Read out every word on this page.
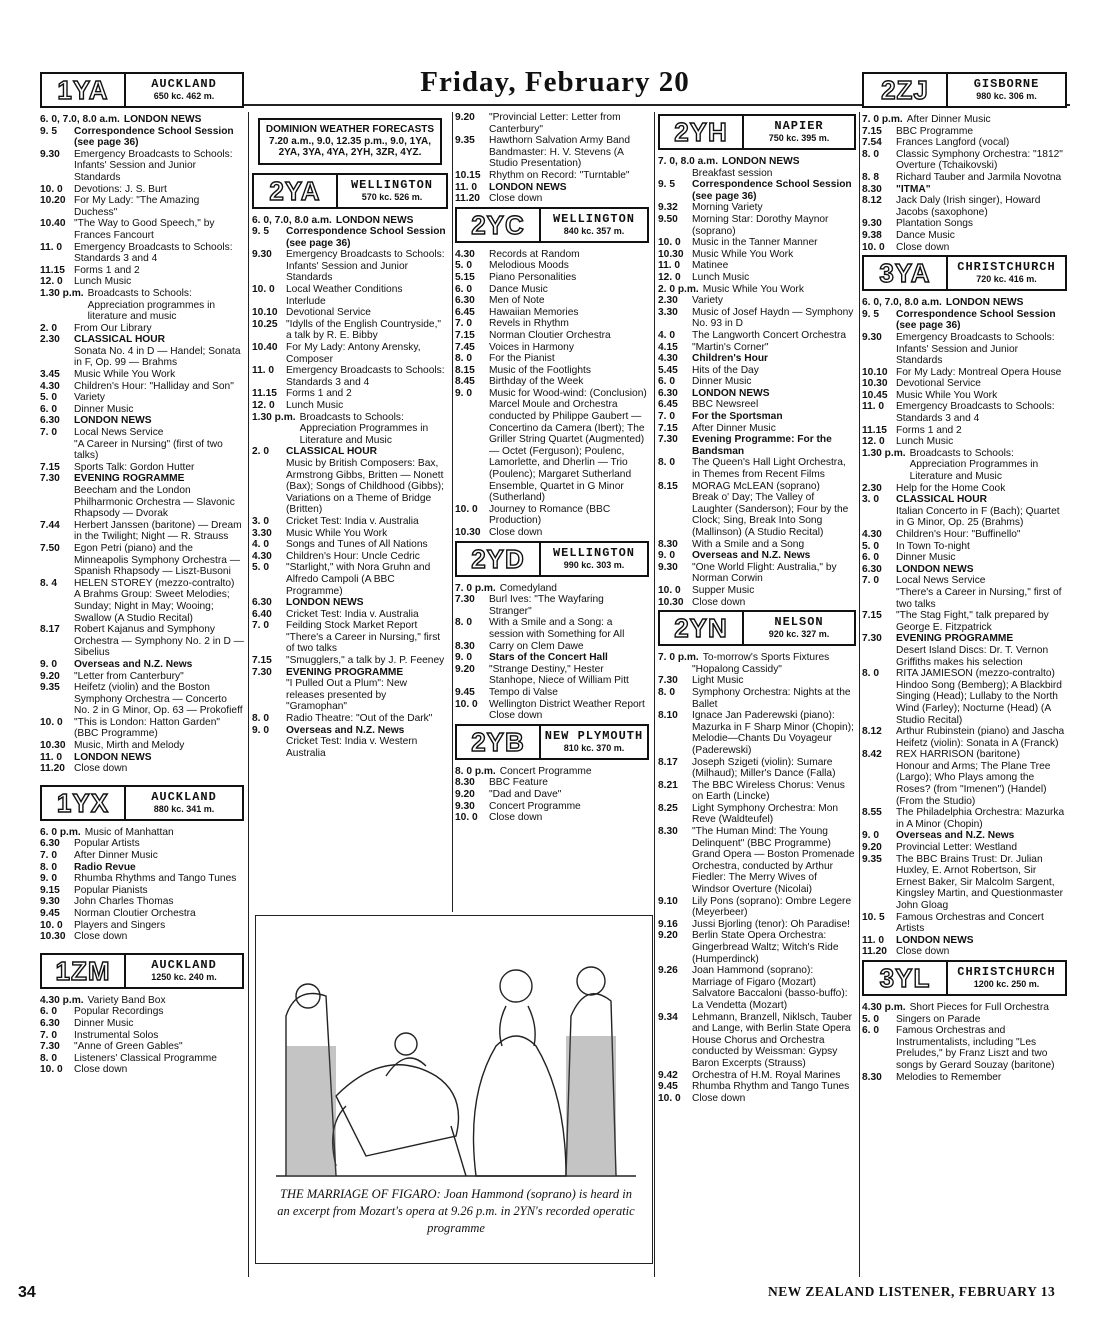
Friday, February 20
1YA	AUCKLAND
650 kc. 462 m.
6. 0, 7.0, 8.0 a.m. LONDON NEWS
9. 5	Correspondence School Session (see page 36)
9.30	Emergency Broadcasts to Schools: Infants' Session and Junior Standards
10. 0	Devotions: J. S. Burt
10.20 For My Lady: "The Amazing Duchess"
10.40 "The Way to Good Speech," by Frances Fancourt
11. 0	Emergency Broadcasts to Schools: Standards 3 and 4
11.15 Forms 1 and 2
12. 0	Lunch Music
1.30 p.m. Broadcasts to Schools: Appreciation programmes in literature and music
2. 0	From Our Library
2.30	CLASSICAL HOUR
Sonata No. 4 in D — Handel; Sonata in F, Op. 99 — Brahms
3.45	Music While You Work
4.30	Children's Hour: "Halliday and Son"
5. 0	Variety
6. 0	Dinner Music
6.30	LONDON NEWS
7. 0	Local News Service
"A Career in Nursing" (first of two talks)
7.15	Sports Talk: Gordon Hutter
7.30	EVENING ROGRAMME
Beecham and the London Philharmonic Orchestra — Slavonic Rhapsody — Dvorak
7.44	Herbert Janssen (baritone) — Dream in the Twilight; Night — R. Strauss
7.50	Egon Petri (piano) and the Minneapolis Symphony Orchestra — Spanish Rhapsody — Liszt-Busoni
8. 4	HELEN STOREY (mezzo-contralto)
A Brahms Group: Sweet Melodies; Sunday; Night in May; Wooing; Swallow (A Studio Recital)
8.17	Robert Kajanus and Symphony Orchestra — Symphony No. 2 in D — Sibelius
9. 0	Overseas and N.Z. News
9.20	"Letter from Canterbury"
9.35	Heifetz (violin) and the Boston Symphony Orchestra — Concerto No. 2 in G Minor, Op. 63 — Prokofieff
10. 0	"This is London: Hatton Garden" (BBC Programme)
10.30 Music, Mirth and Melody
11. 0	LONDON NEWS
11.20 Close down
1YX	AUCKLAND
880 kc. 341 m.
6. 0 p.m. Music of Manhattan
6.30	Popular Artists
7. 0	After Dinner Music
8. 0	Radio Revue
9. 0	Rhumba Rhythms and Tango Tunes
9.15	Popular Pianists
9.30	John Charles Thomas
9.45	Norman Cloutier Orchestra
10. 0	Players and Singers
10.30 Close down
1ZM	AUCKLAND
1250 kc. 240 m.
4.30 p.m. Variety Band Box
6. 0	Popular Recordings
6.30	Dinner Music
7. 0	Instrumental Solos
7.30	"Anne of Green Gables"
8. 0	Listeners' Classical Programme
10. 0	Close down
DOMINION WEATHER FORECASTS
7.20 a.m., 9.0, 12.35 p.m., 9.0, 1YA, 2YA, 3YA, 4YA, 2YH, 3ZR, 4YZ.
2YA	WELLINGTON
570 kc. 526 m.
6. 0, 7.0, 8.0 a.m. LONDON NEWS
9. 5	Correspondence School Session (see page 36)
9.30	Emergency Broadcasts to Schools: Infants' Session and Junior Standards
10. 0	Local Weather Conditions
Interlude
10.10 Devotional Service
10.25 "Idylls of the English Countryside," a talk by R. E. Bibby
10.40 For My Lady: Antony Arensky, Composer
11. 0	Emergency Broadcasts to Schools: Standards 3 and 4
11.15 Forms 1 and 2
12. 0	Lunch Music
1.30 p.m. Broadcasts to Schools: Appreciation Programmes in Literature and Music
2. 0	CLASSICAL HOUR
Music by British Composers: Bax, Armstrong Gibbs, Britten — Nonett (Bax); Songs of Childhood (Gibbs); Variations on a Theme of Bridge (Britten)
3. 0	Cricket Test: India v. Australia
3.30	Music While You Work
4. 0	Songs and Tunes of All Nations
4.30	Children's Hour: Uncle Cedric
5. 0	"Starlight," with Nora Gruhn and Alfredo Campoli (A BBC Programme)
6.30	LONDON NEWS
6.40	Cricket Test: India v. Australia
7. 0	Feilding Stock Market Report
"There's a Career in Nursing," first of two talks
7.15	"Smugglers," a talk by J. P. Feeney
7.30	EVENING PROGRAMME
"I Pulled Out a Plum": New releases presented by "Gramophan"
8. 0	Radio Theatre: "Out of the Dark"
9. 0	Overseas and N.Z. News
Cricket Test: India v. Western Australia
9.20	"Provincial Letter: Letter from Canterbury"
9.35	Hawthorn Salvation Army Band
Bandmaster: H. V. Stevens (A Studio Presentation)
10.15 Rhythm on Record: "Turntable"
11. 0	LONDON NEWS
11.20 Close down
2YC	WELLINGTON
840 kc. 357 m.
4.30	Records at Random
5. 0	Melodious Moods
5.15	Piano Personalities
6. 0	Dance Music
6.30	Men of Note
6.45	Hawaiian Memories
7. 0	Revels in Rhythm
7.15	Norman Cloutier Orchestra
7.45	Voices in Harmony
8. 0	For the Pianist
8.15	Music of the Footlights
8.45	Birthday of the Week
9. 0	Music for Wood-wind: (Conclusion)
Marcel Moule and Orchestra conducted by Philippe Gaubert — Concertino da Camera (Ibert); The Griller String Quartet (Augmented) — Octet (Ferguson); Poulenc, Lamorlette, and Dherlin — Trio (Poulenc); Margaret Sutherland Ensemble, Quartet in G Minor (Sutherland)
10. 0	Journey to Romance (BBC Production)
10.30 Close down
2YD	WELLINGTON
990 kc. 303 m.
7. 0 p.m. Comedyland
7.30	Burl Ives: "The Wayfaring Stranger"
8. 0	With a Smile and a Song: a session with Something for All
8.30	Carry on Clem Dawe
9. 0	Stars of the Concert Hall
9.20	"Strange Destiny," Hester Stanhope, Niece of William Pitt
9.45	Tempo di Valse
10. 0	Wellington District Weather Report
Close down
2YB	NEW PLYMOUTH
810 kc. 370 m.
8. 0 p.m. Concert Programme
8.30	BBC Feature
9.20	"Dad and Dave"
9.30	Concert Programme
10. 0	Close down
2YH	NAPIER
750 kc. 395 m.
7. 0, 8.0 a.m. LONDON NEWS
Breakfast session
9. 5	Correspondence School Session (see page 36)
9.32	Morning Variety
9.50	Morning Star: Dorothy Maynor (soprano)
10. 0	Music in the Tanner Manner
10.30 Music While You Work
11. 0	Matinee
12. 0	Lunch Music
2. 0 p.m. Music While You Work
2.30	Variety
3.30	Music of Josef Haydn — Symphony No. 93 in D
4. 0	The Langworth Concert Orchestra
4.15	"Martin's Corner"
4.30	Children's Hour
5.45	Hits of the Day
6. 0	Dinner Music
6.30	LONDON NEWS
6.45	BBC Newsreel
7. 0	For the Sportsman
7.15	After Dinner Music
7.30	Evening Programme: For the Bandsman
8. 0	The Queen's Hall Light Orchestra, in Themes from Recent Films
8.15	MORAG McLEAN (soprano)
Break o' Day; The Valley of Laughter (Sanderson); Four by the Clock; Sing, Break Into Song (Mallinson) (A Studio Recital)
8.30	With a Smile and a Song
9. 0	Overseas and N.Z. News
9.30	"One World Flight: Australia," by Norman Corwin
10. 0	Supper Music
10.30 Close down
2YN	NELSON
920 kc. 327 m.
7. 0 p.m. To-morrow's Sports Fixtures
"Hopalong Cassidy"
7.30	Light Music
8. 0	Symphony Orchestra: Nights at the Ballet
8.10	Ignace Jan Paderewski (piano): Mazurka in F Sharp Minor (Chopin); Melodie—Chants Du Voyageur (Paderewski)
8.17	Joseph Szigeti (violin): Sumare (Milhaud); Miller's Dance (Falla)
8.21	The BBC Wireless Chorus: Venus on Earth (Lincke)
8.25	Light Symphony Orchestra: Mon Reve (Waldteufel)
8.30	"The Human Mind: The Young Delinquent" (BBC Programme)
Grand Opera — Boston Promenade Orchestra, conducted by Arthur Fiedler: The Merry Wives of Windsor Overture (Nicolai)
9.10	Lily Pons (soprano): Ombre Legere (Meyerbeer)
9.16	Jussi Bjorling (tenor): Oh Paradise!
9.20	Berlin State Opera Orchestra: Gingerbread Waltz; Witch's Ride (Humperdinck)
9.26	Joan Hammond (soprano): Marriage of Figaro (Mozart)
Salvatore Baccaloni (basso-buffo): La Vendetta (Mozart)
9.34	Lehmann, Branzell, Niklsch, Tauber and Lange, with Berlin State Opera House Chorus and Orchestra conducted by Weissman: Gypsy Baron Excerpts (Strauss)
9.42	Orchestra of H.M. Royal Marines
9.45	Rhumba Rhythm and Tango Tunes
10. 0	Close down
2ZJ	GISBORNE
980 kc. 306 m.
7. 0 p.m. After Dinner Music
7.15	BBC Programme
7.54	Frances Langford (vocal)
8. 0	Classic Symphony Orchestra: "1812" Overture (Tchaikovski)
8. 8	Richard Tauber and Jarmila Novotna
8.30	"ITMA"
8.12	Jack Daly (Irish singer), Howard Jacobs (saxophone)
9.30	Plantation Songs
9.38	Dance Music
10. 0	Close down
3YA	CHRISTCHURCH
720 kc. 416 m.
6. 0, 7.0, 8.0 a.m. LONDON NEWS
9. 5	Correspondence School Session (see page 36)
9.30	Emergency Broadcasts to Schools: Infants' Session and Junior Standards
10.10 For My Lady: Montreal Opera House
10.30 Devotional Service
10.45 Music While You Work
11. 0	Emergency Broadcasts to Schools: Standards 3 and 4
11.15 Forms 1 and 2
12. 0	Lunch Music
1.30 p.m. Broadcasts to Schools: Appreciation Programmes in Literature and Music
2.30	Help for the Home Cook
3. 0	CLASSICAL HOUR
Italian Concerto in F (Bach); Quartet in G Minor, Op. 25 (Brahms)
4.30	Children's Hour: "Buffinello"
5. 0	In Town To-night
6. 0	Dinner Music
6.30	LONDON NEWS
7. 0	Local News Service
"There's a Career in Nursing," first of two talks
7.15	"The Stag Fight," talk prepared by George E. Fitzpatrick
7.30	EVENING PROGRAMME
Desert Island Discs: Dr. T. Vernon Griffiths makes his selection
8. 0	RITA JAMIESON (mezzo-contralto)
Hindoo Song (Bemberg); A Blackbird Singing (Head); Lullaby to the North Wind (Farley); Nocturne (Head) (A Studio Recital)
8.12	Arthur Rubinstein (piano) and Jascha Heifetz (violin): Sonata in A (Franck)
8.42	REX HARRISON (baritone)
Honour and Arms; The Plane Tree (Largo); Who Plays among the Roses? (from "Imenen") (Handel) (From the Studio)
8.55	The Philadelphia Orchestra: Mazurka in A Minor (Chopin)
9. 0	Overseas and N.Z. News
9.20	Provincial Letter: Westland
9.35	The BBC Brains Trust: Dr. Julian Huxley, E. Arnot Robertson, Sir Ernest Baker, Sir Malcolm Sargent, Kingsley Martin, and Questionmaster John Gloag
10. 5	Famous Orchestras and Concert Artists
11. 0	LONDON NEWS
11.20 Close down
3YL	CHRISTCHURCH
1200 kc. 250 m.
4.30 p.m. Short Pieces for Full Orchestra
5. 0	Singers on Parade
6. 0	Famous Orchestras and Instrumentalists, including "Les Preludes," by Franz Liszt and two songs by Gerard Souzay (baritone)
8.30	Melodies to Remember
THE MARRIAGE OF FIGARO: Joan Hammond (soprano) is heard in an excerpt from Mozart's opera at 9.26 p.m. in 2YN's recorded operatic programme
34	NEW ZEALAND LISTENER, FEBRUARY 13
